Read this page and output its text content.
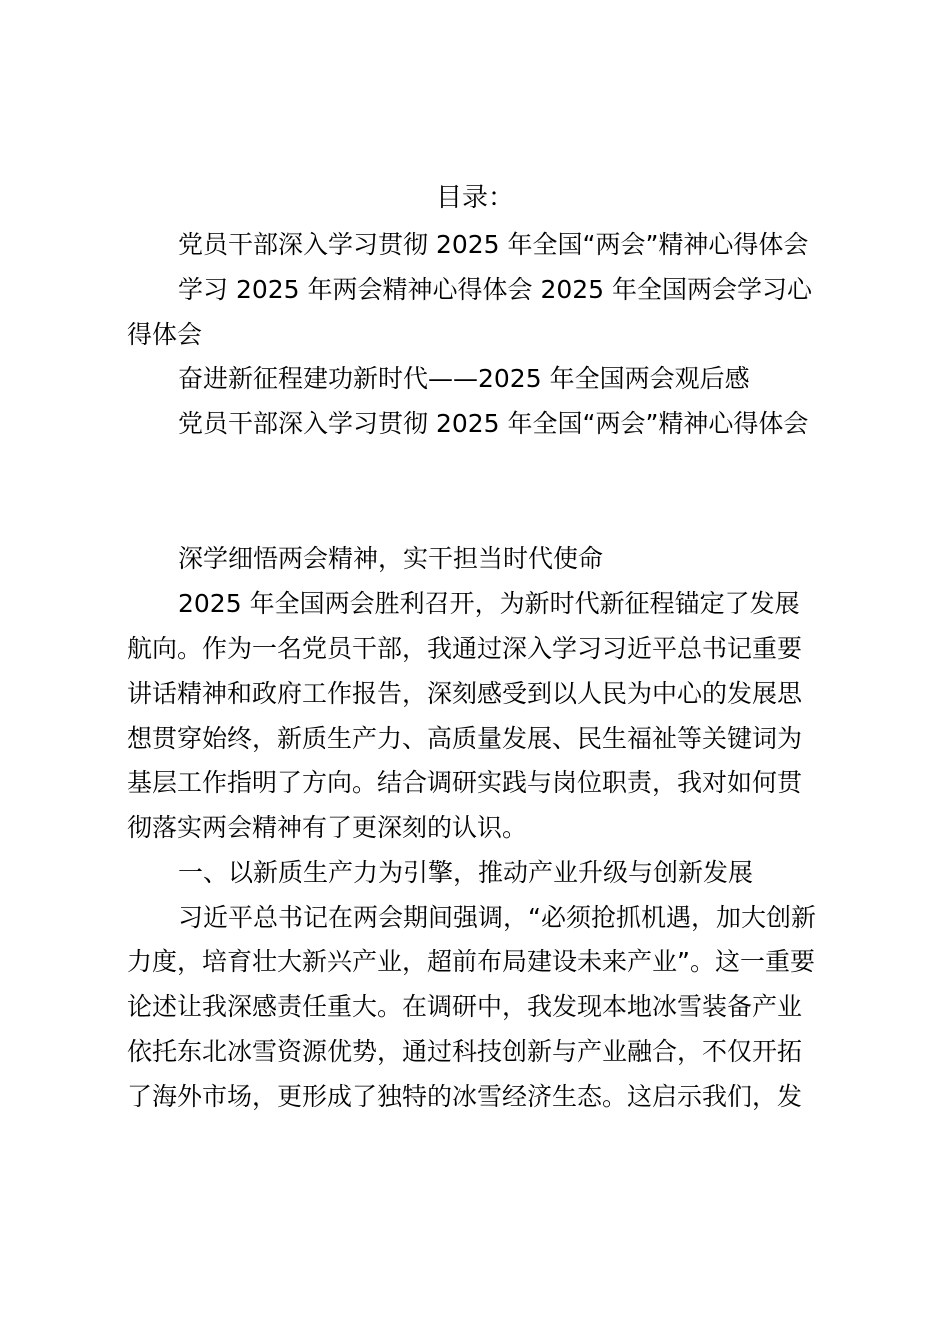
目录：
党员干部深入学习贯彻 2025 年全国“两会”精神心得体会
学习 2025 年两会精神心得体会 2025 年全国两会学习心
得体会
奋进新征程建功新时代——2025 年全国两会观后感
党员干部深入学习贯彻 2025 年全国“两会”精神心得体会
深学细悟两会精神，实干担当时代使命
2025 年全国两会胜利召开，为新时代新征程锚定了发展
航向。作为一名党员干部，我通过深入学习习近平总书记重要
讲话精神和政府工作报告，深刻感受到以人民为中心的发展思
想贯穿始终，新质生产力、高质量发展、民生福祉等关键词为
基层工作指明了方向。结合调研实践与岗位职责，我对如何贯
彻落实两会精神有了更深刻的认识。
一、以新质生产力为引擎，推动产业升级与创新发展
习近平总书记在两会期间强调，“必须抢抓机遇，加大创新
力度，培育壮大新兴产业，超前布局建设未来产业”。这一重要
论述让我深感责任重大。在调研中，我发现本地冰雪装备产业
依托东北冰雪资源优势，通过科技创新与产业融合，不仅开拓
了海外市场，更形成了独特的冰雪经济生态。这启示我们，发
